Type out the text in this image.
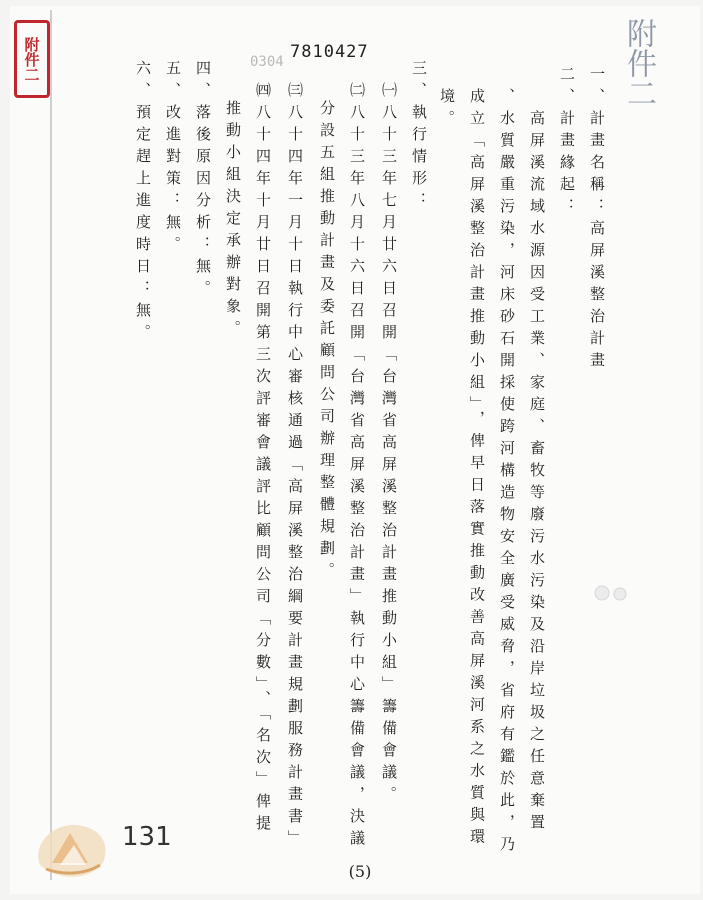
附件二	附件二
0304 7810427
一、計畫名稱：高屏溪整治計畫
二、計畫緣起：
　高屏溪流域水源因受工業、家庭、畜牧等廢污水污染及沿岸垃圾之任意棄置
、水質嚴重污染，河床砂石開採使跨河構造物安全廣受威脅，省府有鑑於此，乃
成立「高屏溪整治計畫推動小組」，俾早日落實推動改善高屏溪河系之水質與環
境。
三、執行情形：
㈠八十三年七月廿六日召開「台灣省高屏溪整治計畫推動小組」籌備會議。
㈡八十三年八月十六日召開「台灣省高屏溪整治計畫」執行中心籌備會議，決議
分設五組推動計畫及委託顧問公司辦理整體規劃。
㈢八十四年一月十日執行中心審核通過「高屏溪整治綱要計畫規劃服務計畫書」
㈣八十四年十月廿日召開第三次評審會議評比顧問公司「分數」、「名次」俾提
推動小組決定承辦對象。
四、落後原因分析：無。
五、改進對策：無。
六、預定趕上進度時日：無。
131
(5)
